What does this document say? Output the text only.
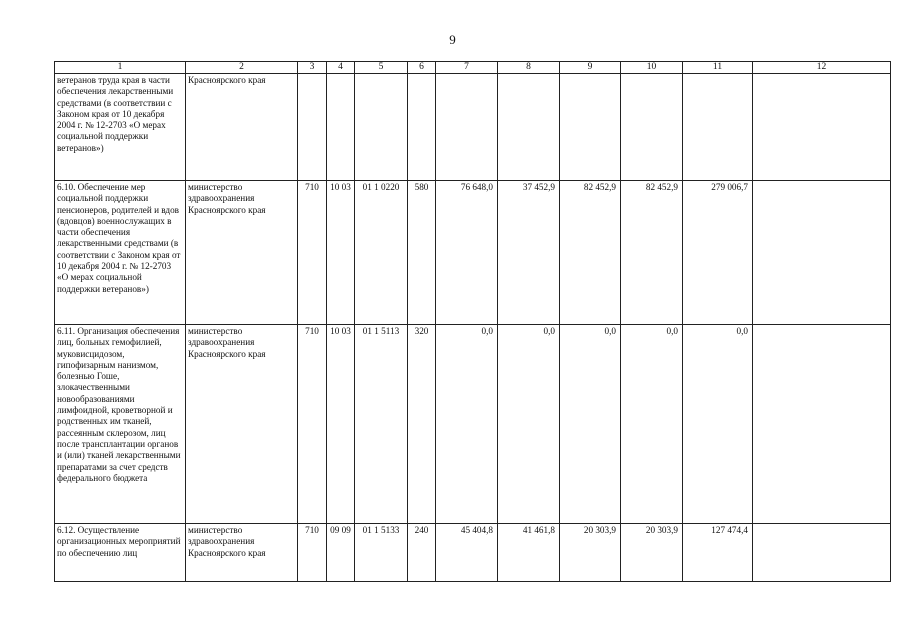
9
1	2	3	4	5	6	7	8	9	10	11	12
ветеранов труда края в части обеспечения лекарственными средствами (в соответствии с Законом края от 10 декабря 2004 г. № 12-2703 «О мерах социальной поддержки ветеранов»)	Красноярского края										
6.10. Обеспечение мер социальной поддержки пенсионеров, родителей и вдов (вдовцов) военнослужащих в части обеспечения лекарственными средствами (в соответствии с Законом края от 10 декабря 2004 г. № 12-2703 «О мерах социальной поддержки ветеранов»)	министерство здравоохранения Красноярского края	710	10 03	01 1 0220	580	76 648,0	37 452,9	82 452,9	82 452,9	279 006,7	
6.11. Организация обеспечения лиц, больных гемофилией, муковисцидозом, гипофизарным нанизмом, болезнью Гоше, злокачественными новообразованиями лимфоидной, кроветворной и родственных им тканей, рассеянным склерозом, лиц после трансплантации органов и (или) тканей лекарственными препаратами за счет средств федерального бюджета	министерство здравоохранения Красноярского края	710	10 03	01 1 5113	320	0,0	0,0	0,0	0,0	0,0	
6.12. Осуществление организационных мероприятий по обеспечению лиц	министерство здравоохранения Красноярского края	710	09 09	01 1 5133	240	45 404,8	41 461,8	20 303,9	20 303,9	127 474,4	
